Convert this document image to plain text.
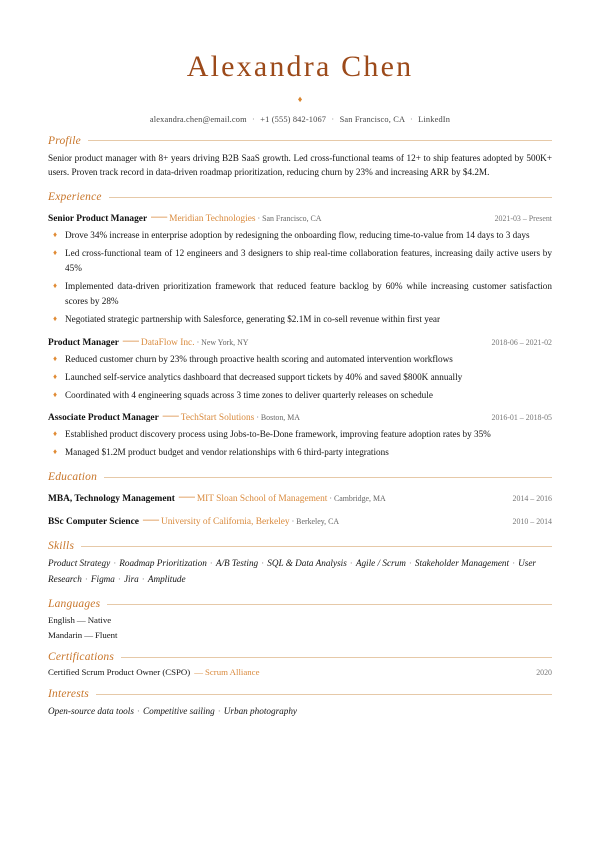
Alexandra Chen
♦
alexandra.chen@email.com · +1 (555) 842-1067 · San Francisco, CA · LinkedIn
Profile
Senior product manager with 8+ years driving B2B SaaS growth. Led cross-functional teams of 12+ to ship features adopted by 500K+ users. Proven track record in data-driven roadmap prioritization, reducing churn by 23% and increasing ARR by $4.2M.
Experience
Senior Product Manager — Meridian Technologies · San Francisco, CA	2021-03 – Present
♦ Drove 34% increase in enterprise adoption by redesigning the onboarding flow, reducing time-to-value from 14 days to 3 days
♦ Led cross-functional team of 12 engineers and 3 designers to ship real-time collaboration features, increasing daily active users by 45%
♦ Implemented data-driven prioritization framework that reduced feature backlog by 60% while increasing customer satisfaction scores by 28%
♦ Negotiated strategic partnership with Salesforce, generating $2.1M in co-sell revenue within first year
Product Manager — DataFlow Inc. · New York, NY	2018-06 – 2021-02
♦ Reduced customer churn by 23% through proactive health scoring and automated intervention workflows
♦ Launched self-service analytics dashboard that decreased support tickets by 40% and saved $800K annually
♦ Coordinated with 4 engineering squads across 3 time zones to deliver quarterly releases on schedule
Associate Product Manager — TechStart Solutions · Boston, MA	2016-01 – 2018-05
♦ Established product discovery process using Jobs-to-Be-Done framework, improving feature adoption rates by 35%
♦ Managed $1.2M product budget and vendor relationships with 6 third-party integrations
Education
MBA, Technology Management — MIT Sloan School of Management · Cambridge, MA	2014 – 2016
BSc Computer Science — University of California, Berkeley · Berkeley, CA	2010 – 2014
Skills
Product Strategy · Roadmap Prioritization · A/B Testing · SQL & Data Analysis · Agile / Scrum · Stakeholder Management · User Research · Figma · Jira · Amplitude
Languages
English — Native
Mandarin — Fluent
Certifications
Certified Scrum Product Owner (CSPO) — Scrum Alliance	2020
Interests
Open-source data tools · Competitive sailing · Urban photography
